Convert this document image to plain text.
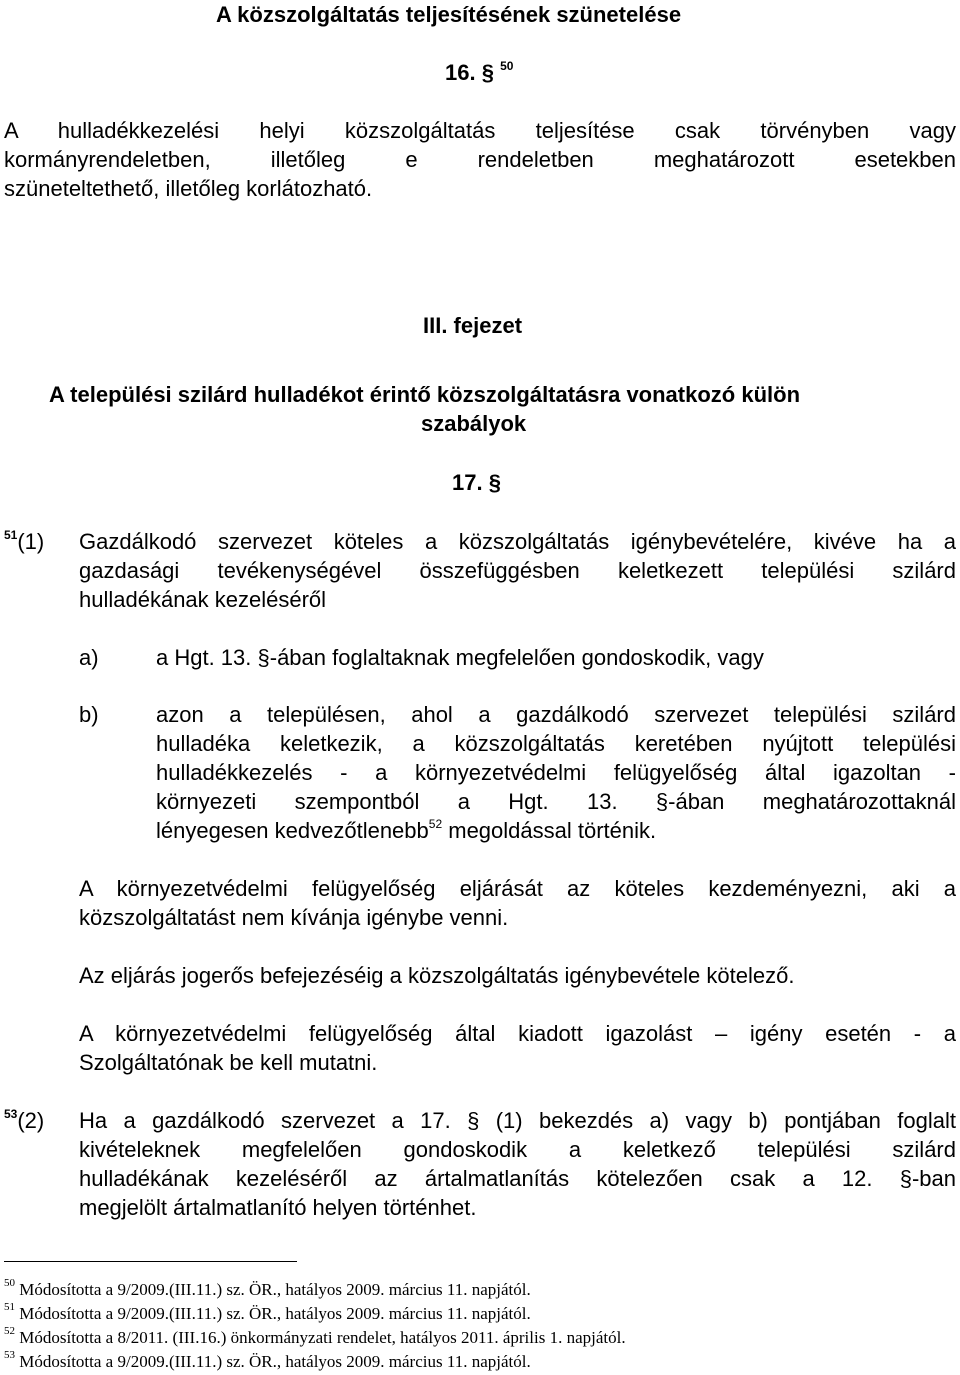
A közszolgáltatás teljesítésének szünetelése
16. § $^{50}$
A hulladékkezelési helyi közszolgáltatás teljesítése csak törvényben vagy
kormányrendeletben, illetőleg e rendeletben meghatározott esetekben
szüneteltethető, illetőleg korlátozható.
III. fejezet
A települési szilárd hulladékot érintő közszolgáltatásra vonatkozó külön
szabályok
17. §
$^{51}$(1) Gazdálkodó szervezet köteles a közszolgáltatás igénybevételére, kivéve ha a
gazdasági tevékenységével összefüggésben keletkezett települési szilárd
hulladékának kezeléséről
a)	a Hgt. 13. §-ában foglaltaknak megfelelően gondoskodik, vagy
b)	azon a településen, ahol a gazdálkodó szervezet települési szilárd
hulladéka keletkezik, a közszolgáltatás keretében nyújtott települési
hulladékkezelés - a környezetvédelmi felügyelőség által igazoltan -
környezeti szempontból a Hgt. 13. §-ában meghatározottaknál
lényegesen kedvezőtlenebb$^{52}$ megoldással történik.
A környezetvédelmi felügyelőség eljárását az köteles kezdeményezni, aki a
közszolgáltatást nem kívánja igénybe venni.
Az eljárás jogerős befejezéséig a közszolgáltatás igénybevétele kötelező.
A környezetvédelmi felügyelőség által kiadott igazolást – igény esetén - a
Szolgáltatónak be kell mutatni.
$^{53}$(2) Ha a gazdálkodó szervezet a 17. § (1) bekezdés a) vagy b) pontjában foglalt
kivételeknek megfelelően gondoskodik a keletkező települési szilárd
hulladékának kezeléséről az ártalmatlanítás kötelezően csak a 12. §-ban
megjelölt ártalmatlanító helyen történhet.
$^{50}$ Módosította a 9/2009.(III.11.) sz. ÖR., hatályos 2009. március 11. napjától.
$^{51}$ Módosította a 9/2009.(III.11.) sz. ÖR., hatályos 2009. március 11. napjától.
$^{52}$ Módosította a 8/2011. (III.16.) önkormányzati rendelet, hatályos 2011. április 1. napjától.
$^{53}$ Módosította a 9/2009.(III.11.) sz. ÖR., hatályos 2009. március 11. napjától.
